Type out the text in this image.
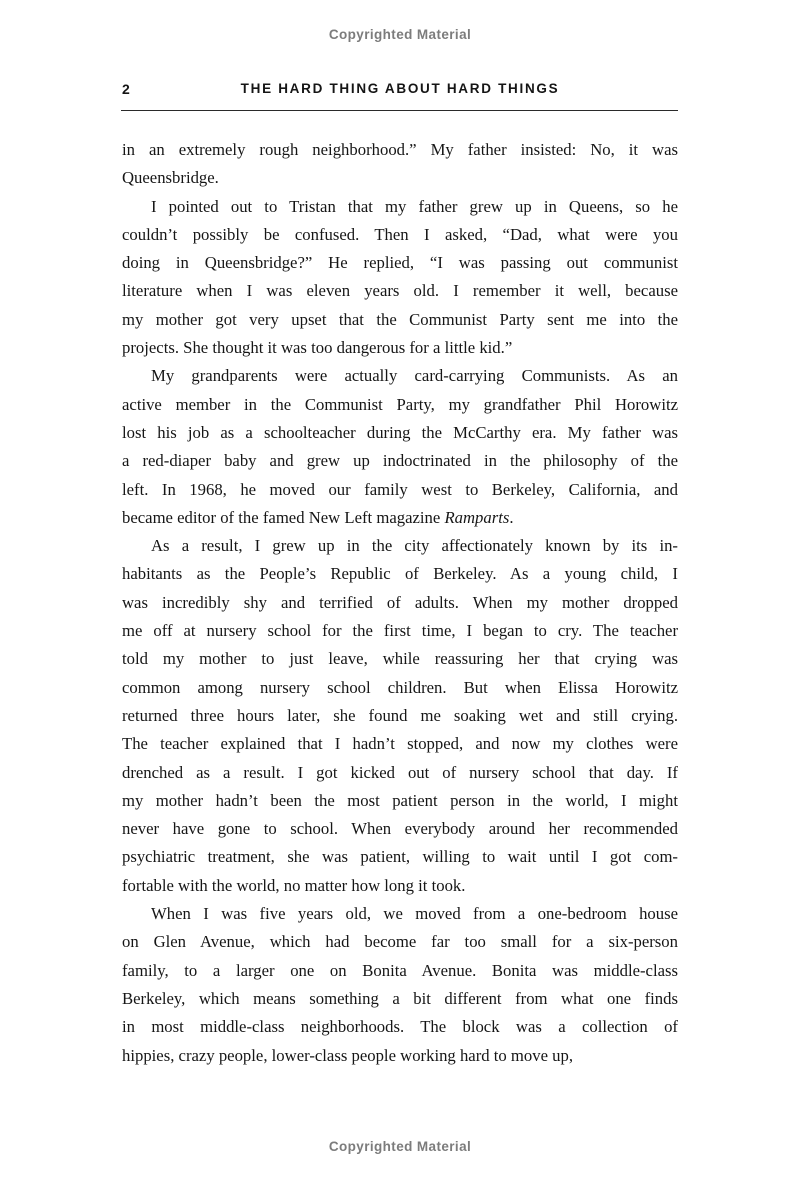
Copyrighted Material
2	THE HARD THING ABOUT HARD THINGS
in an extremely rough neighborhood.” My father insisted: No, it was
Queensbridge.
I pointed out to Tristan that my father grew up in Queens, so he
couldn’t possibly be confused. Then I asked, “Dad, what were you
doing in Queensbridge?” He replied, “I was passing out communist
literature when I was eleven years old. I remember it well, because
my mother got very upset that the Communist Party sent me into the
projects. She thought it was too dangerous for a little kid.”
My grandparents were actually card-carrying Communists. As an
active member in the Communist Party, my grandfather Phil Horowitz
lost his job as a schoolteacher during the McCarthy era. My father was
a red-diaper baby and grew up indoctrinated in the philosophy of the
left. In 1968, he moved our family west to Berkeley, California, and
became editor of the famed New Left magazine Ramparts.
As a result, I grew up in the city affectionately known by its in-
habitants as the People’s Republic of Berkeley. As a young child, I
was incredibly shy and terrified of adults. When my mother dropped
me off at nursery school for the first time, I began to cry. The teacher
told my mother to just leave, while reassuring her that crying was
common among nursery school children. But when Elissa Horowitz
returned three hours later, she found me soaking wet and still crying.
The teacher explained that I hadn’t stopped, and now my clothes were
drenched as a result. I got kicked out of nursery school that day. If
my mother hadn’t been the most patient person in the world, I might
never have gone to school. When everybody around her recommended
psychiatric treatment, she was patient, willing to wait until I got com-
fortable with the world, no matter how long it took.
When I was five years old, we moved from a one-bedroom house
on Glen Avenue, which had become far too small for a six-person
family, to a larger one on Bonita Avenue. Bonita was middle-class
Berkeley, which means something a bit different from what one finds
in most middle-class neighborhoods. The block was a collection of
hippies, crazy people, lower-class people working hard to move up,
Copyrighted Material
